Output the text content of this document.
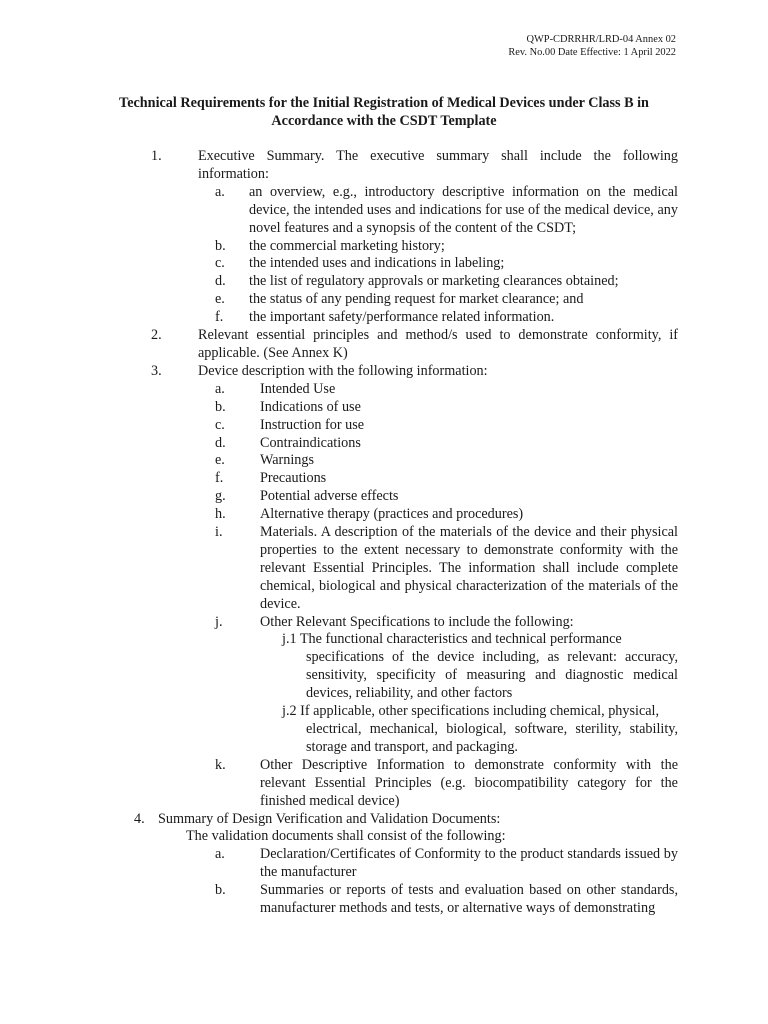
QWP-CDRRHR/LRD-04 Annex 02
Rev. No.00 Date Effective: 1 April 2022
Technical Requirements for the Initial Registration of Medical Devices under Class B in
Accordance with the CSDT Template
1.	Executive Summary. The executive summary shall include the following information:
a. an overview, e.g., introductory descriptive information on the medical device, the intended uses and indications for use of the medical device, any novel features and a synopsis of the content of the CSDT;
b. the commercial marketing history;
c. the intended uses and indications in labeling;
d. the list of regulatory approvals or marketing clearances obtained;
e. the status of any pending request for market clearance; and
f. the important safety/performance related information.
2.	Relevant essential principles and method/s used to demonstrate conformity, if applicable. (See Annex K)
3.	Device description with the following information:
a. Intended Use
b. Indications of use
c. Instruction for use
d. Contraindications
e. Warnings
f.	Precautions
g. Potential adverse effects
h. Alternative therapy (practices and procedures)
i.	Materials. A description of the materials of the device and their physical properties to the extent necessary to demonstrate conformity with the relevant Essential Principles. The information shall include complete chemical, biological and physical characterization of the materials of the device.
j.	Other Relevant Specifications to include the following:
j.1 The functional characteristics and technical performance
specifications of the device including, as relevant: accuracy, sensitivity, specificity of measuring and diagnostic medical devices, reliability, and other factors
j.2 If applicable, other specifications including chemical, physical,
electrical, mechanical, biological, software, sterility, stability, storage and transport, and packaging.
k. Other Descriptive Information to demonstrate conformity with the relevant Essential Principles (e.g. biocompatibility category for the finished medical device)
4. Summary of Design Verification and Validation Documents:
The validation documents shall consist of the following:
a. Declaration/Certificates of Conformity to the product standards issued by the manufacturer
b. Summaries or reports of tests and evaluation based on other standards, manufacturer methods and tests, or alternative ways of demonstrating
